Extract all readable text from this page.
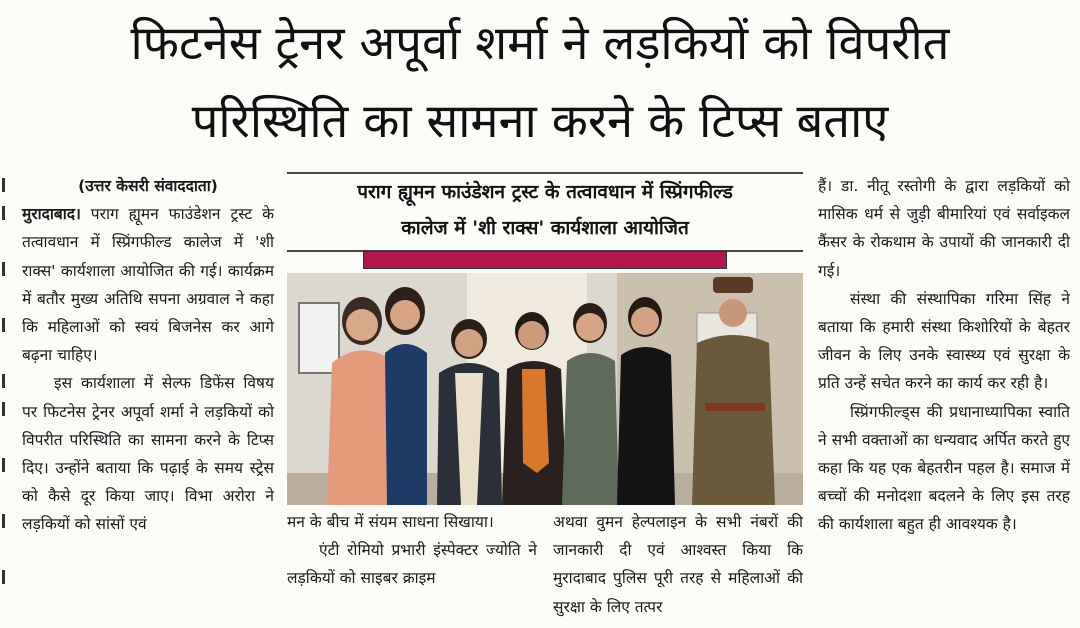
फिटनेस ट्रेनर अपूर्वा शर्मा ने लड़कियों को विपरीत
परिस्थिति का सामना करने के टिप्स बताए

(उत्तर केसरी संवाददाता)

मुरादाबाद। पराग ह्यूमन फाउंडेशन ट्रस्ट के तत्वावधान में स्प्रिंगफील्ड कालेज में 'शी राक्स' कार्यशाला आयोजित की गई। कार्यक्रम में बतौर मुख्य अतिथि सपना अग्रवाल ने कहा कि महिलाओं को स्वयं बिजनेस कर आगे बढ़ना चाहिए।

इस कार्यशाला में सेल्फ डिफेंस विषय पर फिटनेस ट्रेनर अपूर्वा शर्मा ने लड़कियों को विपरीत परिस्थिति का सामना करने के टिप्स दिए। उन्होंने बताया कि पढ़ाई के समय स्ट्रेस को कैसे दूर किया जाए। विभा अरोरा ने लड़कियों को सांसों एवं

पराग ह्यूमन फाउंडेशन ट्रस्ट के तत्वावधान में स्प्रिंगफील्ड
कालेज में 'शी राक्स' कार्यशाला आयोजित

मन के बीच में संयम साधना सिखाया।

एंटी रोमियो प्रभारी इंस्पेक्टर ज्योति ने लड़कियों को साइबर क्राइम

अथवा वुमन हेल्पलाइन के सभी नंबरों की जानकारी दी एवं आश्वस्त किया कि मुरादाबाद पुलिस पूरी तरह से महिलाओं की सुरक्षा के लिए तत्पर

हैं। डा. नीतू रस्तोगी के द्वारा लड़कियों को मासिक धर्म से जुड़ी बीमारियां एवं सर्वाइकल कैंसर के रोकथाम के उपायों की जानकारी दी गई।

संस्था की संस्थापिका गरिमा सिंह ने बताया कि हमारी संस्था किशोरियों के बेहतर जीवन के लिए उनके स्वास्थ्य एवं सुरक्षा के प्रति उन्हें सचेत करने का कार्य कर रही है।

स्प्रिंगफील्ड्स की प्रधानाध्यापिका स्वाति ने सभी वक्ताओं का धन्यवाद अर्पित करते हुए कहा कि यह एक बेहतरीन पहल है। समाज में बच्चों की मनोदशा बदलने के लिए इस तरह की कार्यशाला बहुत ही आवश्यक है।
